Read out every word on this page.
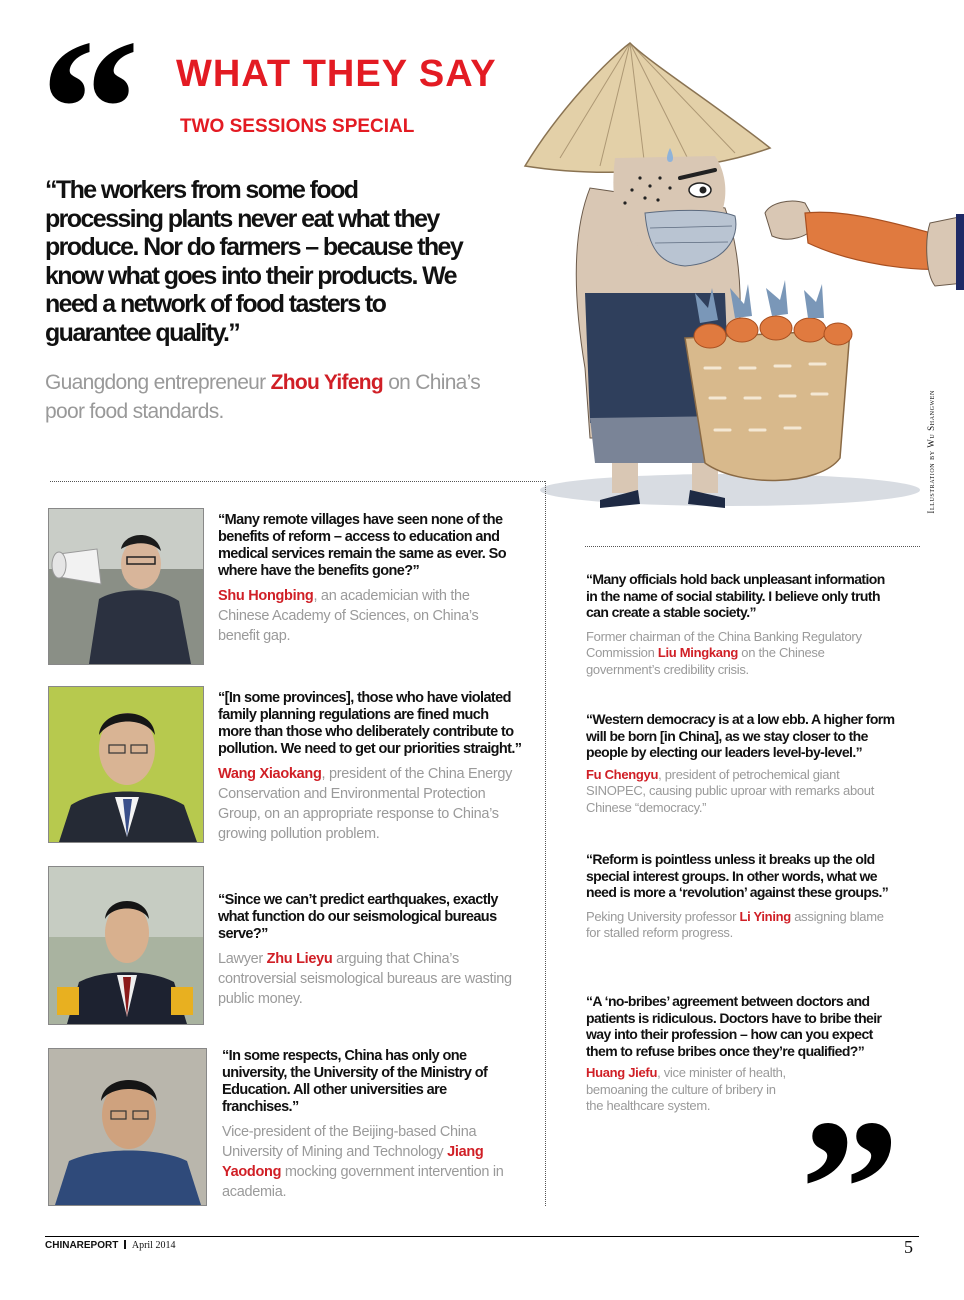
“ WHAT THEY SAY
TWO SESSIONS SPECIAL
“The workers from some food processing plants never eat what they produce. Nor do farmers – because they know what goes into their products. We need a network of food tasters to guarantee quality.”
Guangdong entrepreneur Zhou Yifeng on China’s poor food standards.	Illustration by Wu Shangwen
“Many remote villages have seen none of the benefits of reform – access to education and medical services remain the same as ever. So where have the benefits gone?”
Shu Hongbing, an academician with the Chinese Academy of Sciences, on China’s benefit gap.
“[In some provinces], those who have violated family planning regulations are fined much more than those who deliberately contribute to pollution. We need to get our priorities straight.”
Wang Xiaokang, president of the China Energy Conservation and Environmental Protection Group, on an appropriate response to China’s growing pollution problem.
“Since we can’t predict earthquakes, exactly what function do our seismological bureaus serve?”
Lawyer Zhu Lieyu arguing that China’s controversial seismological bureaus are wasting public money.
“In some respects, China has only one university, the University of the Ministry of Education. All other universities are franchises.”
Vice-president of the Beijing-based China University of Mining and Technology Jiang Yaodong mocking government intervention in academia.
“Many officials hold back unpleasant information in the name of social stability. I believe only truth can create a stable society.”
Former chairman of the China Banking Regulatory Commission Liu Mingkang on the Chinese government’s credibility crisis.
“Western democracy is at a low ebb. A higher form will be born [in China], as we stay closer to the people by electing our leaders level-by-level.”
Fu Chengyu, president of petrochemical giant SINOPEC, causing public uproar with remarks about Chinese “democracy.”
“Reform is pointless unless it breaks up the old special interest groups. In other words, what we need is more a ‘revolution’ against these groups.”
Peking University professor Li Yining assigning blame for stalled reform progress.
“A ‘no-bribes’ agreement between doctors and patients is ridiculous. Doctors have to bribe their way into their profession – how can you expect them to refuse bribes once they’re qualified?”
Huang Jiefu, vice minister of health, bemoaning the culture of bribery in the healthcare system. ”
CHINAREPORT April 2014	5
